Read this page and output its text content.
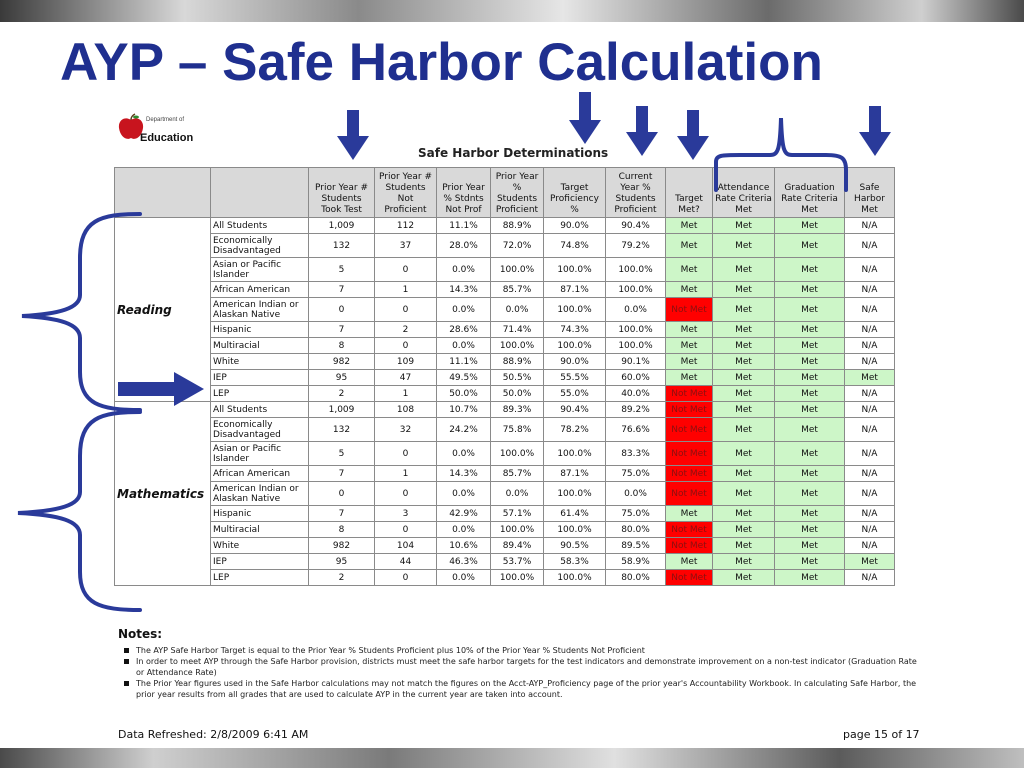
AYP – Safe Harbor Calculation
Department of
Education
Safe Harbor Determinations
		Prior Year # Students Took Test	Prior Year # Students Not Proficient	Prior Year % Stdnts Not Prof	Prior Year % Students Proficient	Target Proficiency %	Current Year % Students Proficient	Target Met?	Attendance Rate Criteria Met	Graduation Rate Criteria Met	Safe Harbor Met
Reading	All Students	1,009	112	11.1%	88.9%	90.0%	90.4%	Met	Met	Met	N/A
	Economically Disadvantaged	132	37	28.0%	72.0%	74.8%	79.2%	Met	Met	Met	N/A
	Asian or Pacific Islander	5	0	0.0%	100.0%	100.0%	100.0%	Met	Met	Met	N/A
	African American	7	1	14.3%	85.7%	87.1%	100.0%	Met	Met	Met	N/A
	American Indian or Alaskan Native	0	0	0.0%	0.0%	100.0%	0.0%	Not Met	Met	Met	N/A
	Hispanic	7	2	28.6%	71.4%	74.3%	100.0%	Met	Met	Met	N/A
	Multiracial	8	0	0.0%	100.0%	100.0%	100.0%	Met	Met	Met	N/A
	White	982	109	11.1%	88.9%	90.0%	90.1%	Met	Met	Met	N/A
	IEP	95	47	49.5%	50.5%	55.5%	60.0%	Met	Met	Met	Met
	LEP	2	1	50.0%	50.0%	55.0%	40.0%	Not Met	Met	Met	N/A
Mathematics	All Students	1,009	108	10.7%	89.3%	90.4%	89.2%	Not Met	Met	Met	N/A
	Economically Disadvantaged	132	32	24.2%	75.8%	78.2%	76.6%	Not Met	Met	Met	N/A
	Asian or Pacific Islander	5	0	0.0%	100.0%	100.0%	83.3%	Not Met	Met	Met	N/A
	African American	7	1	14.3%	85.7%	87.1%	75.0%	Not Met	Met	Met	N/A
	American Indian or Alaskan Native	0	0	0.0%	0.0%	100.0%	0.0%	Not Met	Met	Met	N/A
	Hispanic	7	3	42.9%	57.1%	61.4%	75.0%	Met	Met	Met	N/A
	Multiracial	8	0	0.0%	100.0%	100.0%	80.0%	Not Met	Met	Met	N/A
	White	982	104	10.6%	89.4%	90.5%	89.5%	Not Met	Met	Met	N/A
	IEP	95	44	46.3%	53.7%	58.3%	58.9%	Met	Met	Met	Met
	LEP	2	0	0.0%	100.0%	100.0%	80.0%	Not Met	Met	Met	N/A
Notes:
The AYP Safe Harbor Target is equal to the Prior Year % Students Proficient plus 10% of the Prior Year % Students Not Proficient
In order to meet AYP through the Safe Harbor provision, districts must meet the safe harbor targets for the test indicators and demonstrate improvement on a non-test indicator (Graduation Rate or Attendance Rate)
The Prior Year figures used in the Safe Harbor calculations may not match the figures on the Acct-AYP_Proficiency page of the prior year's Accountability Workbook. In calculating Safe Harbor, the prior year results from all grades that are used to calculate AYP in the current year are taken into account.
Data Refreshed: 2/8/2009 6:41 AM	page 15 of 17
